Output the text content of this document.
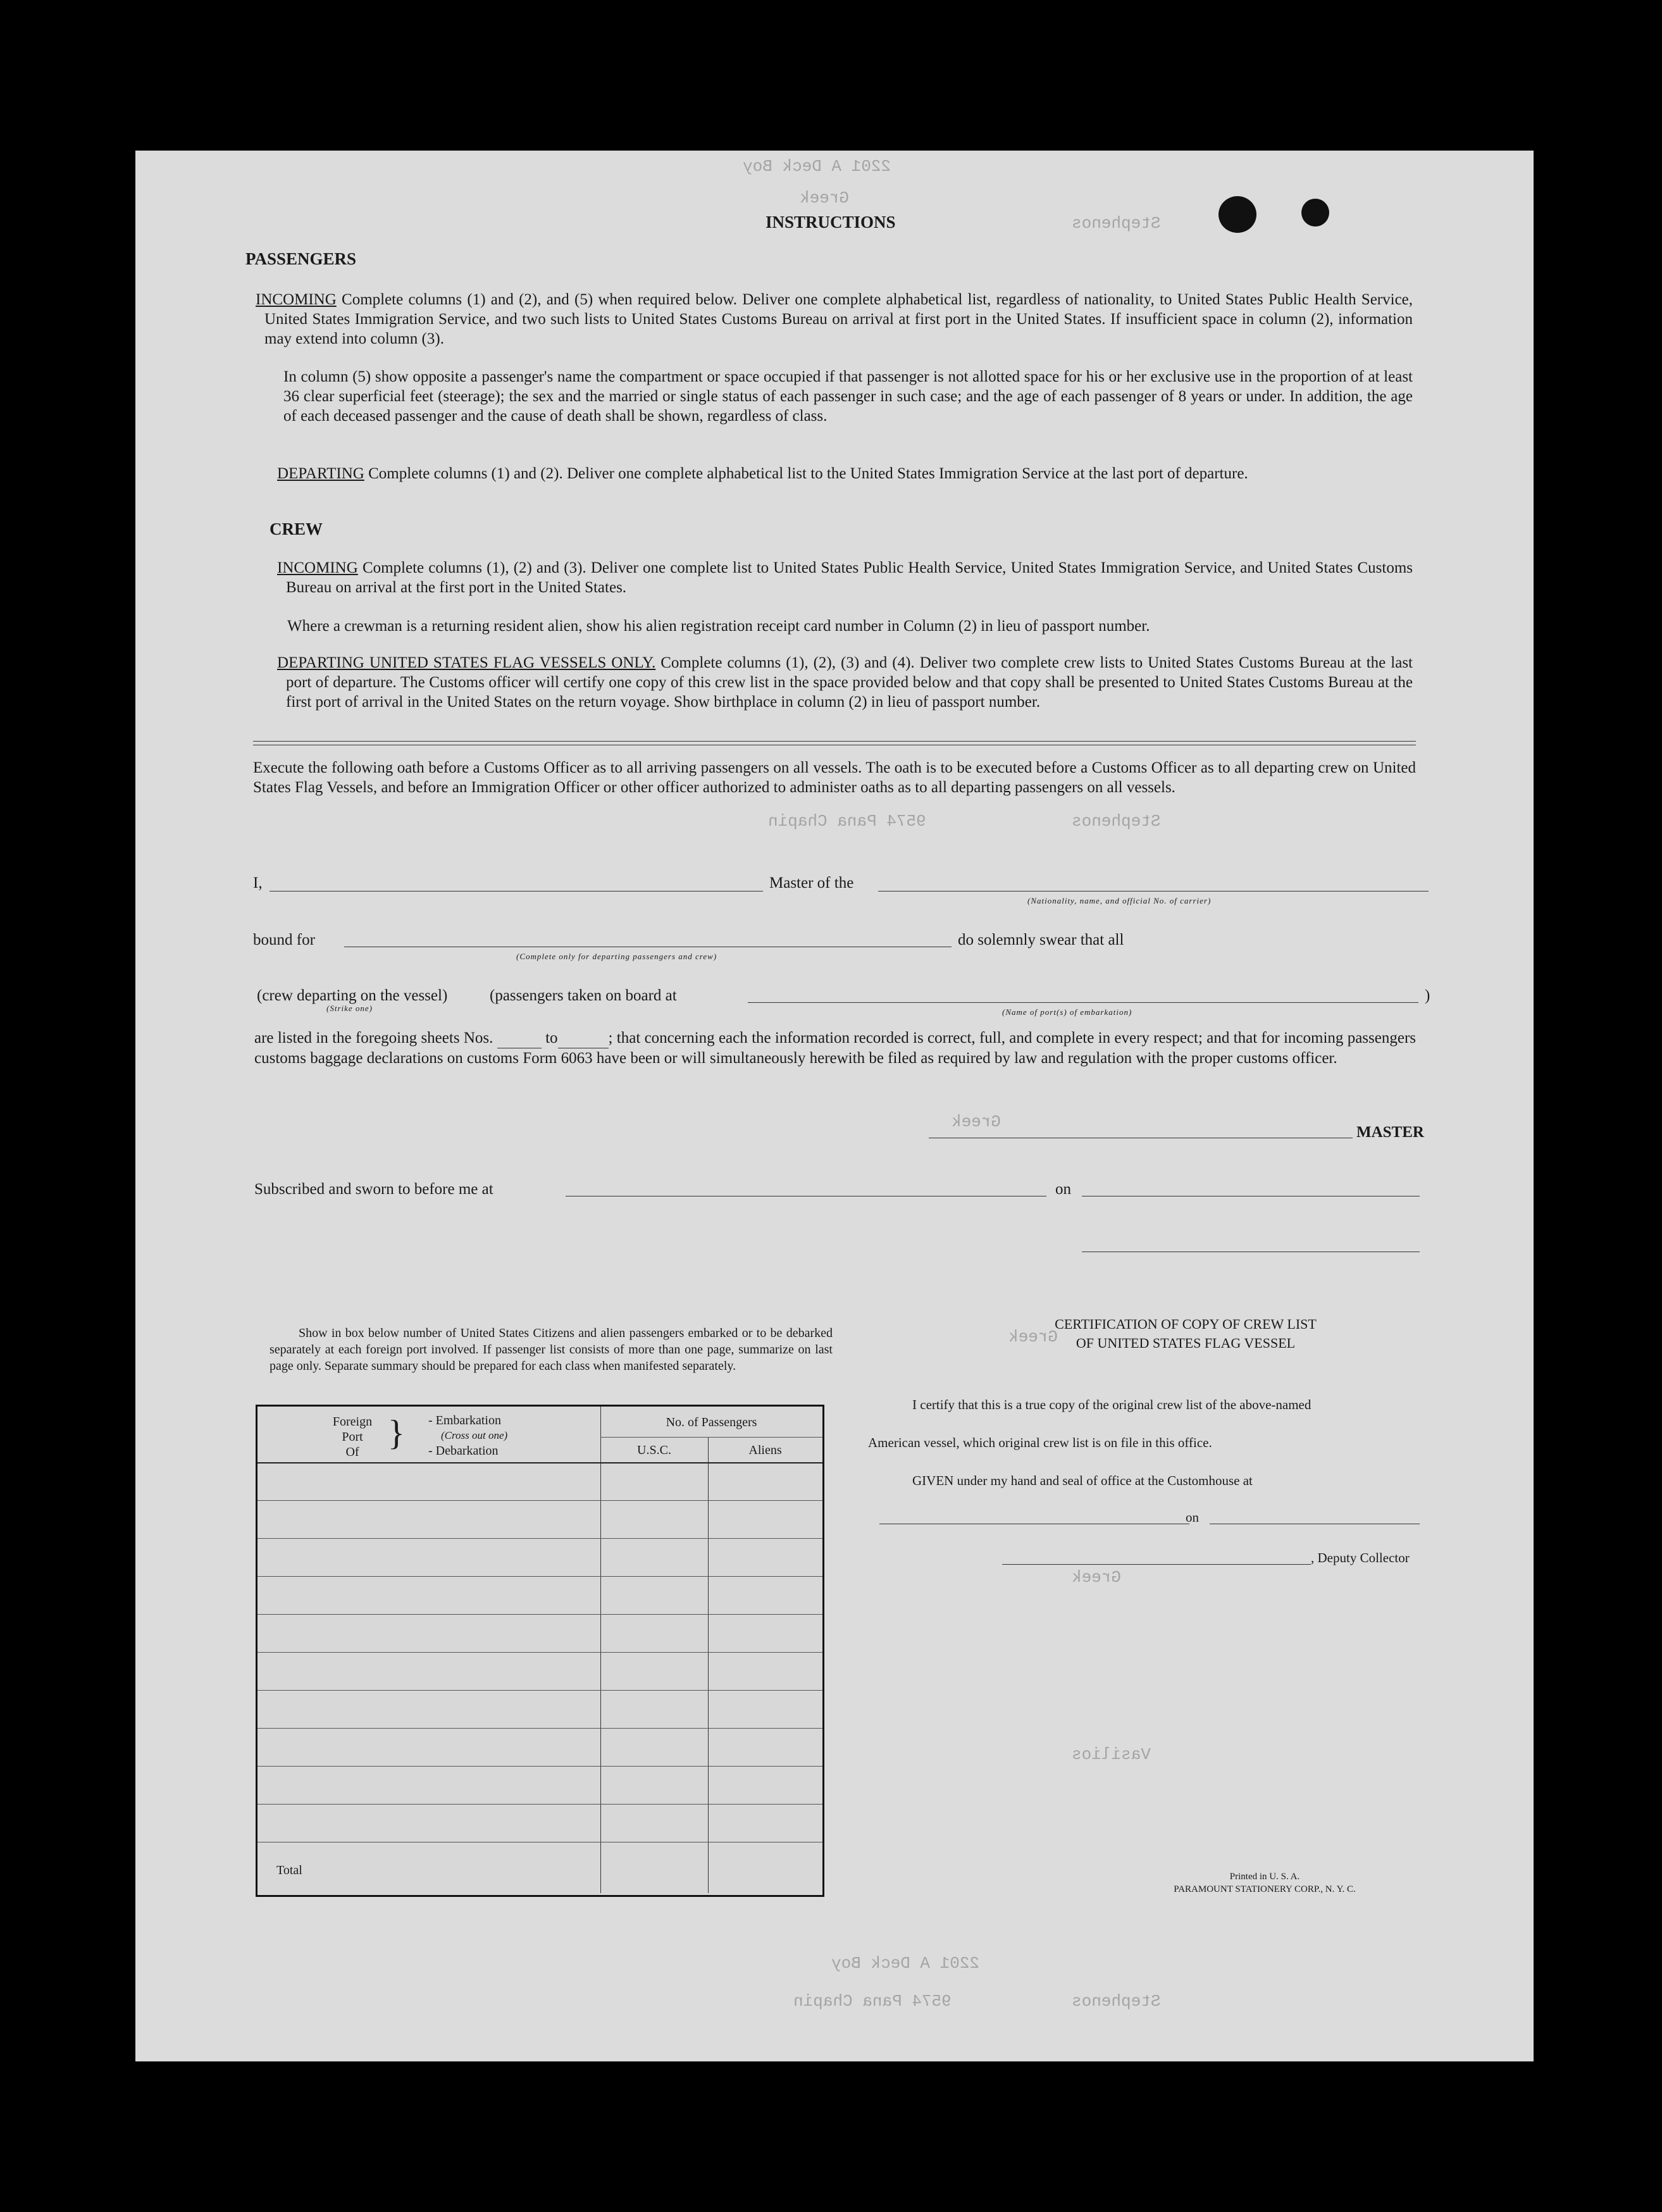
2201 A Deck Boy
Greek
Stephenos
9574 Pana Chapin	Stephenos
Greek
Greek
Greek
Vasilios
2201 A Deck Boy
9574 Pana Chapin	Stephenos
INSTRUCTIONS
PASSENGERS
INCOMING Complete columns (1) and (2), and (5) when required below. Deliver one complete alphabetical list, regardless of nationality, to United States Public Health Service, United States Immigration Service, and two such lists to United States Customs Bureau on arrival at first port in the United States. If insufficient space in column (2), information may extend into column (3).
In column (5) show opposite a passenger's name the compartment or space occupied if that passenger is not allotted space for his or her exclusive use in the proportion of at least 36 clear superficial feet (steerage); the sex and the married or single status of each passenger in such case; and the age of each passenger of 8 years or under. In addition, the age of each deceased passenger and the cause of death shall be shown, regardless of class.
DEPARTING Complete columns (1) and (2). Deliver one complete alphabetical list to the United States Immigration Service at the last port of departure.
CREW
INCOMING Complete columns (1), (2) and (3). Deliver one complete list to United States Public Health Service, United States Immigration Service, and United States Customs Bureau on arrival at the first port in the United States.
Where a crewman is a returning resident alien, show his alien registration receipt card number in Column (2) in lieu of passport number.
DEPARTING UNITED STATES FLAG VESSELS ONLY. Complete columns (1), (2), (3) and (4). Deliver two complete crew lists to United States Customs Bureau at the last port of departure. The Customs officer will certify one copy of this crew list in the space provided below and that copy shall be presented to United States Customs Bureau at the first port of arrival in the United States on the return voyage. Show birthplace in column (2) in lieu of passport number.
Execute the following oath before a Customs Officer as to all arriving passengers on all vessels. The oath is to be executed before a Customs Officer as to all departing crew on United States Flag Vessels, and before an Immigration Officer or other officer authorized to administer oaths as to all departing passengers on all vessels.
I,	Master of the
(Nationality, name, and official No. of carrier)
bound for
(Complete only for departing passengers and crew)
do solemnly swear that all
(crew departing on the vessel)
(Strike one)
(passengers taken on board at
(Name of port(s) of embarkation)
)
are listed in the foregoing sheets Nos.	to	; that concerning each the information recorded is correct, full, and complete in every respect; and that for incoming passengers customs baggage declarations on customs Form 6063 have been or will simultaneously herewith be filed as required by law and regulation with the proper customs officer.
MASTER
Subscribed and sworn to before me at	on
Show in box below number of United States Citizens and alien passengers embarked or to be debarked separately at each foreign port involved. If passenger list consists of more than one page, summarize on last page only. Separate summary should be prepared for each class when manifested separately.
Foreign
Port
Of } - Embarkation
(Cross out one)
- Debarkation
No. of Passengers
U.S.C.	Aliens
Total
CERTIFICATION OF COPY OF CREW LIST
OF UNITED STATES FLAG VESSEL
I certify that this is a true copy of the original crew list of the above-named
American vessel, which original crew list is on file in this office.
GIVEN under my hand and seal of office at the Customhouse at
on
, Deputy Collector
Printed in U. S. A.
PARAMOUNT STATIONERY CORP., N. Y. C.
